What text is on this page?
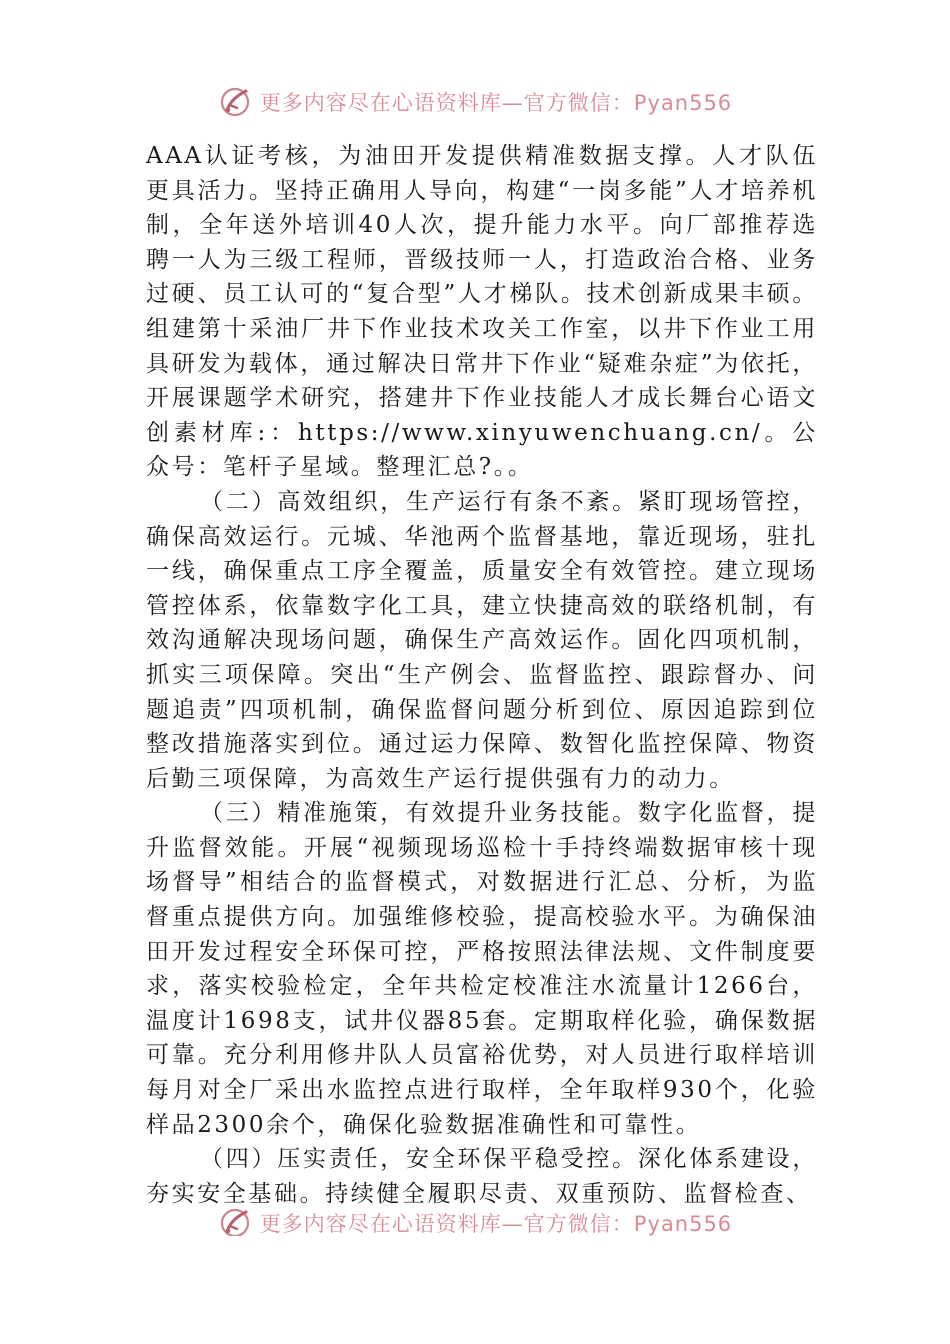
更多内容尽在心语资料库—官方微信：Pyan556

AAA认证考核，为油田开发提供精准数据支撑。人才队伍更具活力。坚持正确用人导向，构建“一岗多能”人才培养机制，全年送外培训40人次，提升能力水平。向厂部推荐选聘一人为三级工程师，晋级技师一人，打造政治合格、业务过硬、员工认可的“复合型”人才梯队。技术创新成果丰硕。组建第十采油厂井下作业技术攻关工作室，以井下作业工用具研发为载体，通过解决日常井下作业“疑难杂症”为依托，开展课题学术研究，搭建井下作业技能人才成长舞台心语文创素材库:：https://www.xinyuwenchuang.cn/。公众号：笔杆子星域。整理汇总?。。

（二）高效组织，生产运行有条不紊。紧盯现场管控，确保高效运行。元城、华池两个监督基地，靠近现场，驻扎一线，确保重点工序全覆盖，质量安全有效管控。建立现场管控体系，依靠数字化工具，建立快捷高效的联络机制，有效沟通解决现场问题，确保生产高效运作。固化四项机制，抓实三项保障。突出“生产例会、监督监控、跟踪督办、问题追责”四项机制，确保监督问题分析到位、原因追踪到位整改措施落实到位。通过运力保障、数智化监控保障、物资后勤三项保障，为高效生产运行提供强有力的动力。

（三）精准施策，有效提升业务技能。数字化监督，提升监督效能。开展“视频现场巡检十手持终端数据审核十现场督导”相结合的监督模式，对数据进行汇总、分析，为监督重点提供方向。加强维修校验，提高校验水平。为确保油田开发过程安全环保可控，严格按照法律法规、文件制度要求，落实校验检定，全年共检定校准注水流量计1266台，温度计1698支，试井仪器85套。定期取样化验，确保数据可靠。充分利用修井队人员富裕优势，对人员进行取样培训每月对全厂采出水监控点进行取样，全年取样930个，化验样品2300余个，确保化验数据准确性和可靠性。

（四）压实责任，安全环保平稳受控。深化体系建设，夯实安全基础。持续健全履职尽责、双重预防、监督检查、

更多内容尽在心语资料库—官方微信：Pyan556
